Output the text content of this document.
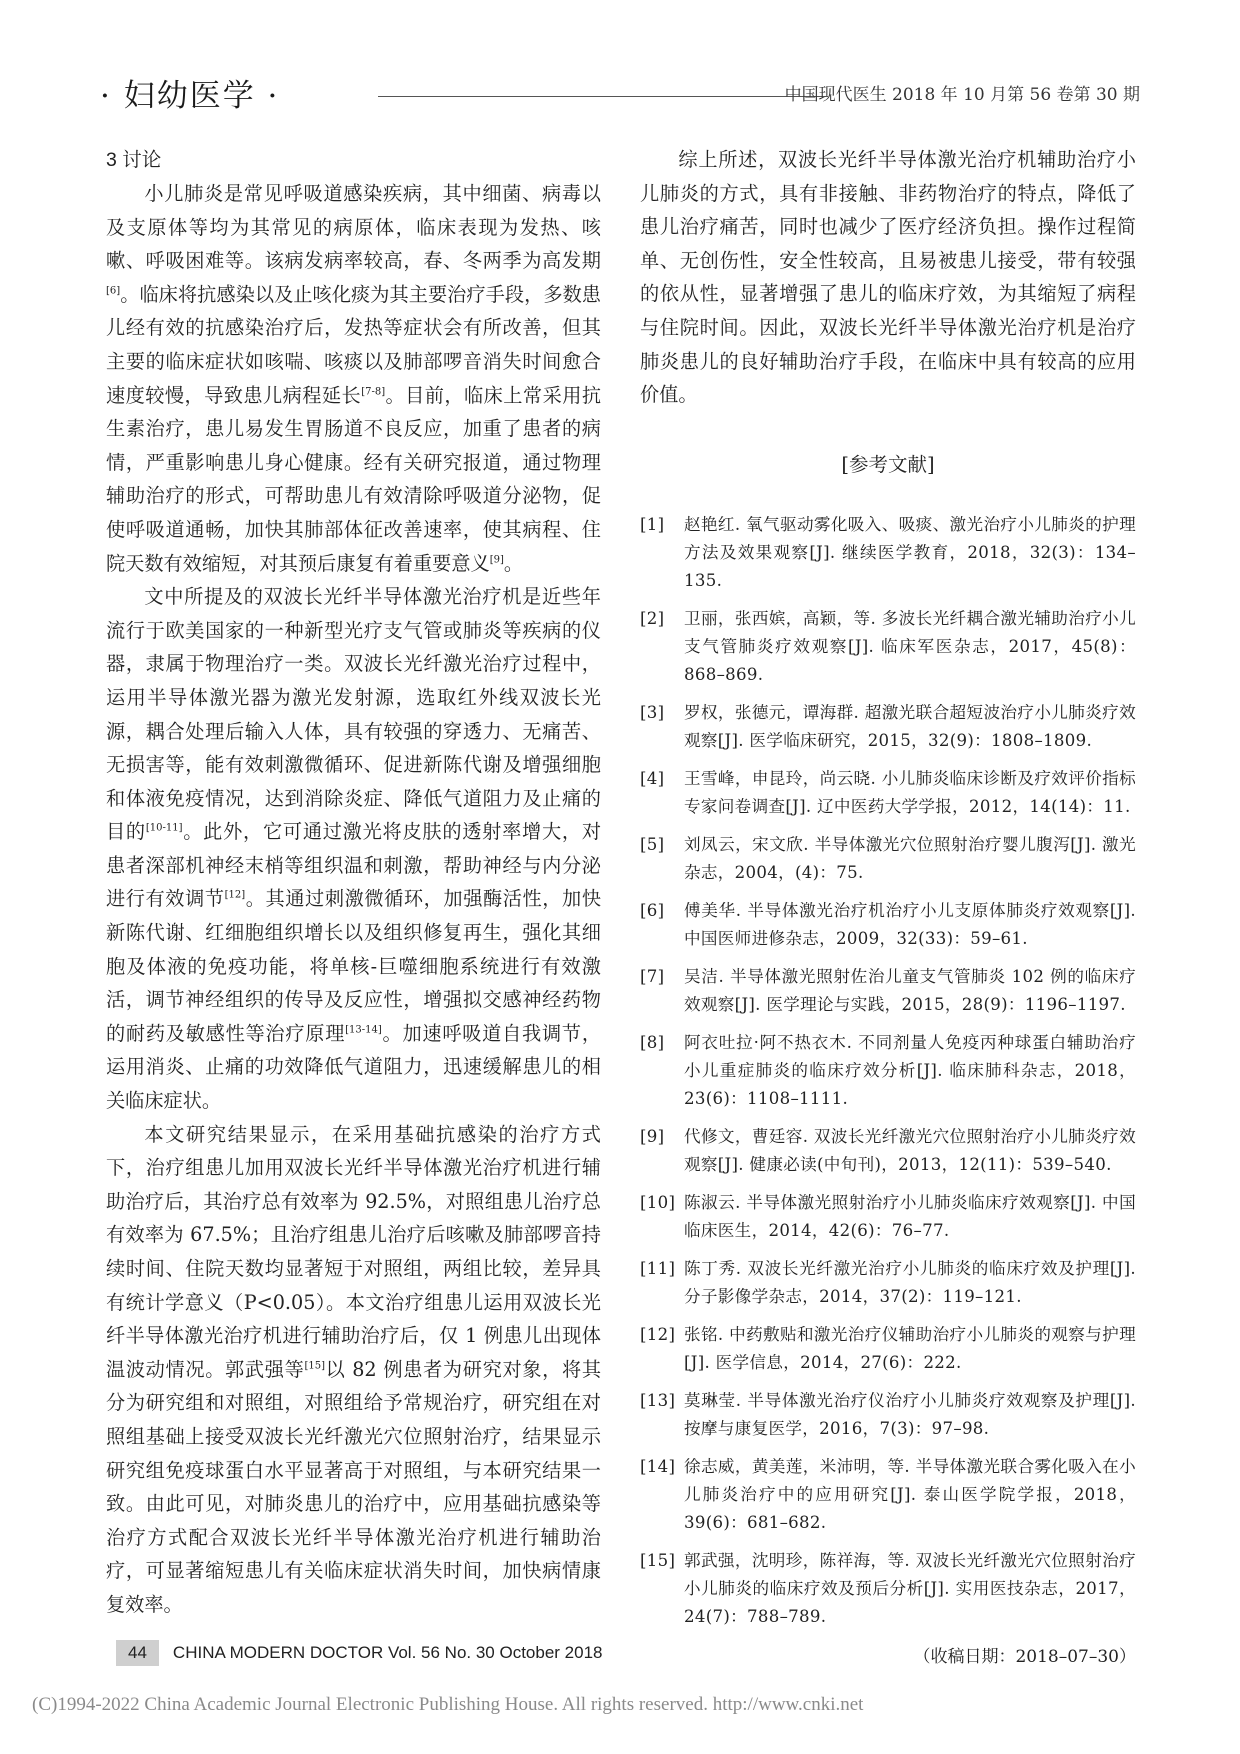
· 妇幼医学 ·	中国现代医生 2018 年 10 月第 56 卷第 30 期
3 讨论

小儿肺炎是常见呼吸道感染疾病，其中细菌、病毒以及支原体等均为其常见的病原体，临床表现为发热、咳嗽、呼吸困难等。该病发病率较高，春、冬两季为高发期[6]。临床将抗感染以及止咳化痰为其主要治疗手段，多数患儿经有效的抗感染治疗后，发热等症状会有所改善，但其主要的临床症状如咳喘、咳痰以及肺部啰音消失时间愈合速度较慢，导致患儿病程延长[7-8]。目前，临床上常采用抗生素治疗，患儿易发生胃肠道不良反应，加重了患者的病情，严重影响患儿身心健康。经有关研究报道，通过物理辅助治疗的形式，可帮助患儿有效清除呼吸道分泌物，促使呼吸道通畅，加快其肺部体征改善速率，使其病程、住院天数有效缩短，对其预后康复有着重要意义[9]。

文中所提及的双波长光纤半导体激光治疗机是近些年流行于欧美国家的一种新型光疗支气管或肺炎等疾病的仪器，隶属于物理治疗一类。双波长光纤激光治疗过程中，运用半导体激光器为激光发射源，选取红外线双波长光源，耦合处理后输入人体，具有较强的穿透力、无痛苦、无损害等，能有效刺激微循环、促进新陈代谢及增强细胞和体液免疫情况，达到消除炎症、降低气道阻力及止痛的目的[10-11]。此外，它可通过激光将皮肤的透射率增大，对患者深部机神经末梢等组织温和刺激，帮助神经与内分泌进行有效调节[12]。其通过刺激微循环，加强酶活性，加快新陈代谢、红细胞组织增长以及组织修复再生，强化其细胞及体液的免疫功能，将单核-巨噬细胞系统进行有效激活，调节神经组织的传导及反应性，增强拟交感神经药物的耐药及敏感性等治疗原理[13-14]。加速呼吸道自我调节，运用消炎、止痛的功效降低气道阻力，迅速缓解患儿的相关临床症状。

本文研究结果显示，在采用基础抗感染的治疗方式下，治疗组患儿加用双波长光纤半导体激光治疗机进行辅助治疗后，其治疗总有效率为 92.5%，对照组患儿治疗总有效率为 67.5%；且治疗组患儿治疗后咳嗽及肺部啰音持续时间、住院天数均显著短于对照组，两组比较，差异具有统计学意义（P<0.05）。本文治疗组患儿运用双波长光纤半导体激光治疗机进行辅助治疗后，仅 1 例患儿出现体温波动情况。郭武强等[15]以 82 例患者为研究对象，将其分为研究组和对照组，对照组给予常规治疗，研究组在对照组基础上接受双波长光纤激光穴位照射治疗，结果显示研究组免疫球蛋白水平显著高于对照组，与本研究结果一致。由此可见，对肺炎患儿的治疗中，应用基础抗感染等治疗方式配合双波长光纤半导体激光治疗机进行辅助治疗，可显著缩短患儿有关临床症状消失时间，加快病情康复效率。

综上所述，双波长光纤半导体激光治疗机辅助治疗小儿肺炎的方式，具有非接触、非药物治疗的特点，降低了患儿治疗痛苦，同时也减少了医疗经济负担。操作过程简单、无创伤性，安全性较高，且易被患儿接受，带有较强的依从性，显著增强了患儿的临床疗效，为其缩短了病程与住院时间。因此，双波长光纤半导体激光治疗机是治疗肺炎患儿的良好辅助治疗手段，在临床中具有较高的应用价值。

[参考文献]
[1]	赵艳红. 氧气驱动雾化吸入、吸痰、激光治疗小儿肺炎的护理方法及效果观察[J]. 继续医学教育，2018，32(3)：134–135.
[2]	卫丽，张西嫔，高颖，等. 多波长光纤耦合激光辅助治疗小儿支气管肺炎疗效观察[J]. 临床军医杂志，2017，45(8)：868–869.
[3]	罗权，张德元，谭海群. 超激光联合超短波治疗小儿肺炎疗效观察[J]. 医学临床研究，2015，32(9)：1808–1809.
[4]	王雪峰，申昆玲，尚云晓. 小儿肺炎临床诊断及疗效评价指标专家问卷调查[J]. 辽中医药大学学报，2012，14(14)：11.
[5]	刘凤云，宋文欣. 半导体激光穴位照射治疗婴儿腹泻[J]. 激光杂志，2004，(4)：75.
[6]	傅美华. 半导体激光治疗机治疗小儿支原体肺炎疗效观察[J]. 中国医师进修杂志，2009，32(33)：59–61.
[7]	吴洁. 半导体激光照射佐治儿童支气管肺炎 102 例的临床疗效观察[J]. 医学理论与实践，2015，28(9)：1196–1197.
[8]	阿衣吐拉·阿不热衣木. 不同剂量人免疫丙种球蛋白辅助治疗小儿重症肺炎的临床疗效分析[J]. 临床肺科杂志，2018，23(6)：1108–1111.
[9]	代修文，曹廷容. 双波长光纤激光穴位照射治疗小儿肺炎疗效观察[J]. 健康必读(中旬刊)，2013，12(11)：539–540.
[10] 陈淑云. 半导体激光照射治疗小儿肺炎临床疗效观察[J]. 中国临床医生，2014，42(6)：76–77.
[11] 陈丁秀. 双波长光纤激光治疗小儿肺炎的临床疗效及护理[J]. 分子影像学杂志，2014，37(2)：119–121.
[12] 张铭. 中药敷贴和激光治疗仪辅助治疗小儿肺炎的观察与护理[J]. 医学信息，2014，27(6)：222.
[13] 莫琳莹. 半导体激光治疗仪治疗小儿肺炎疗效观察及护理[J]. 按摩与康复医学，2016，7(3)：97–98.
[14] 徐志威，黄美莲，米沛明，等. 半导体激光联合雾化吸入在小儿肺炎治疗中的应用研究[J]. 泰山医学院学报，2018，39(6)：681–682.
[15] 郭武强，沈明珍，陈祥海，等. 双波长光纤激光穴位照射治疗小儿肺炎的临床疗效及预后分析[J]. 实用医技杂志，2017，24(7)：788–789.
（收稿日期：2018–07–30）
44	CHINA MODERN DOCTOR Vol. 56 No. 30 October 2018
(C)1994-2022 China Academic Journal Electronic Publishing House. All rights reserved. http://www.cnki.net
